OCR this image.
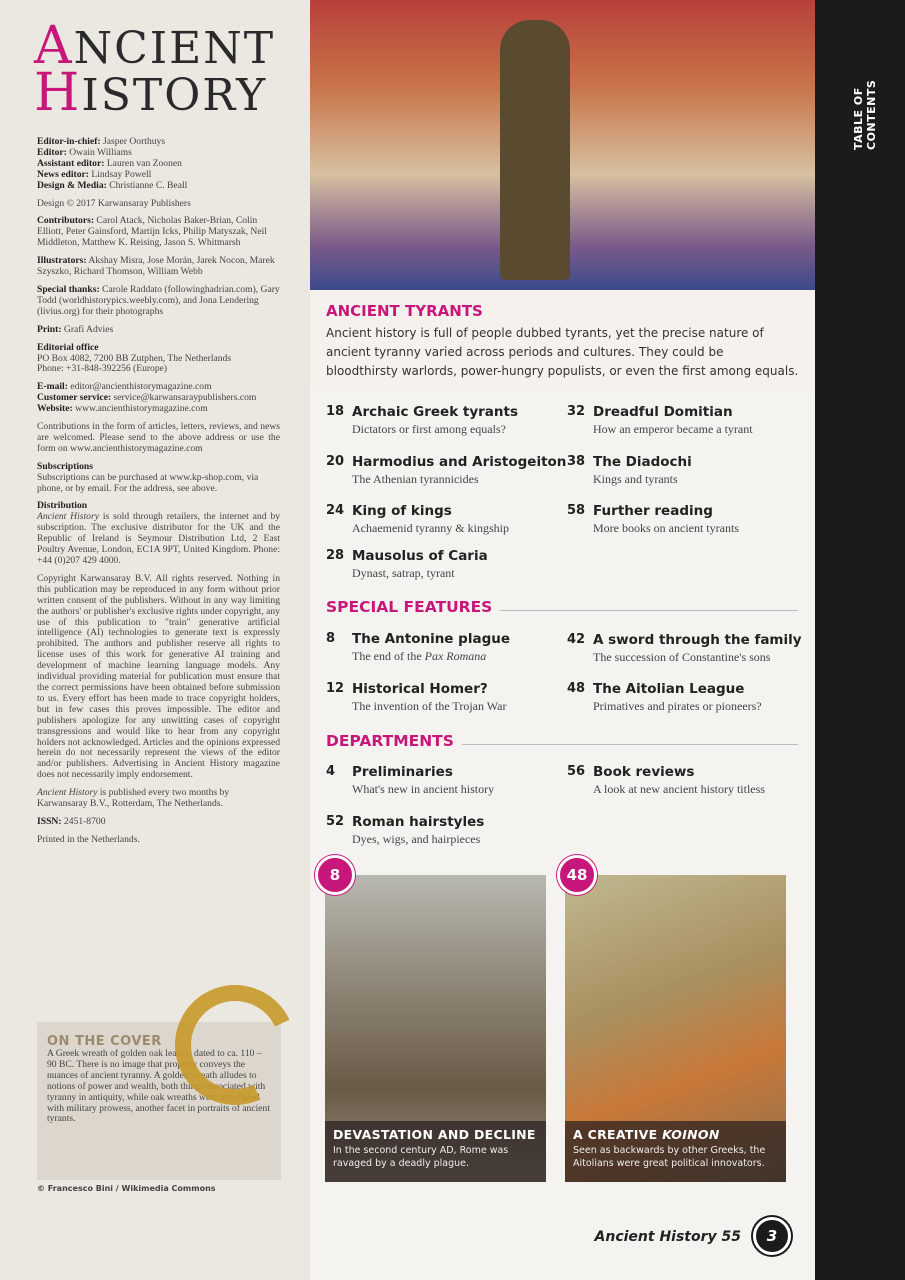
TABLE OF CONTENTS
ANCIENT
HISTORY

Editor-in-chief: Jasper Oorthuys
Editor: Owain Williams
Assistant editor: Lauren van Zoonen
News editor: Lindsay Powell
Design & Media: Christianne C. Beall

Design © 2017 Karwansaray Publishers

Contributors: Carol Atack, Nicholas Baker-Brian, Colin Elliott, Peter Gainsford, Martijn Icks, Philip Matyszak, Neil Middleton, Matthew K. Reising, Jason S. Whitmarsh

Illustrators: Akshay Misra, Jose Morán, Jarek Nocon, Marek Szyszko, Richard Thomson, William Webb

Special thanks: Carole Raddato (followinghadrian.com), Gary Todd (worldhistorypics.weebly.com), and Jona Lendering (livius.org) for their photographs

Print: Grafi Advies

Editorial office
PO Box 4082, 7200 BB Zutphen, The Netherlands
Phone: +31-848-392256 (Europe)

E-mail: editor@ancienthistorymagazine.com
Customer service: service@karwansaraypublishers.com
Website: www.ancienthistorymagazine.com

Contributions in the form of articles, letters, reviews, and news are welcomed. Please send to the above address or use the form on www.ancienthistorymagazine.com

Subscriptions
Subscriptions can be purchased at www.kp-shop.com, via phone, or by email. For the address, see above.

Distribution
Ancient History is sold through retailers, the internet and by subscription. The exclusive distributor for the UK and the Republic of Ireland is Seymour Distribution Ltd, 2 East Poultry Avenue, London, EC1A 9PT, United Kingdom. Phone: +44 (0)207 429 4000.

Copyright Karwansaray B.V. All rights reserved. Nothing in this publication may be reproduced in any form without prior written consent of the publishers. Without in any way limiting the authors' or publisher's exclusive rights under copyright, any use of this publication to "train" generative artificial intelligence (AI) technologies to generate text is expressly prohibited. The authors and publisher reserve all rights to license uses of this work for generative AI training and development of machine learning language models. Any individual providing material for publication must ensure that the correct permissions have been obtained before submission to us. Every effort has been made to trace copyright holders, but in few cases this proves impossible. The editor and publishers apologize for any unwitting cases of copyright transgressions and would like to hear from any copyright holders not acknowledged. Articles and the opinions expressed herein do not necessarily represent the views of the editor and/or publishers. Advertising in Ancient History magazine does not necessarily imply endorsement.

Ancient History is published every two months by Karwansaray B.V., Rotterdam, The Netherlands.

ISSN: 2451-8700

Printed in the Netherlands.

ON THE COVER

A Greek wreath of golden oak leaves, dated to ca. 110 – 90 BC. There is no image that properly conveys the nuances of ancient tyranny. A golden wreath alludes to notions of power and wealth, both things associated with tyranny in antiquity, while oak wreaths were associated with military prowess, another facet in portraits of ancient tyrants.

© Francesco Bini / Wikimedia Commons
ANCIENT TYRANTS

Ancient history is full of people dubbed tyrants, yet the precise nature of ancient tyranny varied across periods and cultures. They could be bloodthirsty warlords, power-hungry populists, or even the first among equals.

18 Archaic Greek tyrants
Dictators or first among equals?
20 Harmodius and Aristogeiton
The Athenian tyrannicides
24 King of kings
Achaemenid tyranny & kingship
28 Mausolus of Caria
Dynast, satrap, tyrant
32 Dreadful Domitian
How an emperor became a tyrant
38 The Diadochi
Kings and tyrants
58 Further reading
More books on ancient tyrants
SPECIAL FEATURES
8 The Antonine plague
The end of the Pax Romana
12 Historical Homer?
The invention of the Trojan War
42 A sword through the family
The succession of Constantine's sons
48 The Aitolian League
Primatives and pirates or pioneers?
DEPARTMENTS
4 Preliminaries
What's new in ancient history
52 Roman hairstyles
Dyes, wigs, and hairpieces
56 Book reviews
A look at new ancient history titless
DEVASTATION AND DECLINE

In the second century AD, Rome was ravaged by a deadly plague.

8
A CREATIVE KOINON

Seen as backwards by other Greeks, the Aitolians were great political innovators.

48
Ancient History 55	3
